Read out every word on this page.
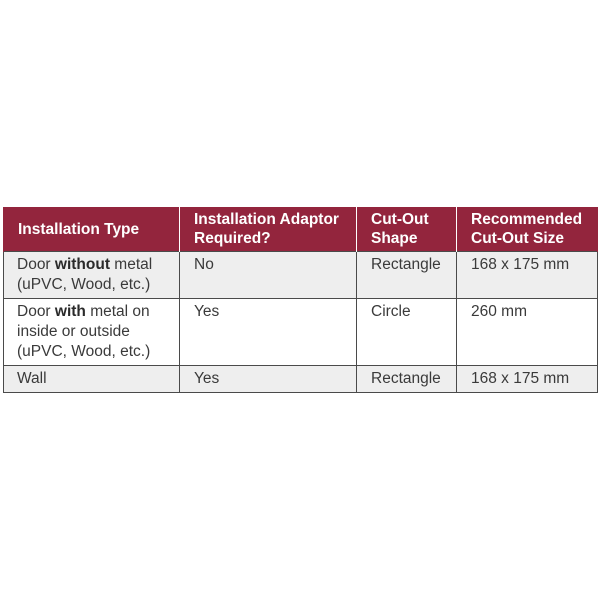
Installation Type	Installation Adaptor Required?	Cut-Out Shape	Recommended Cut-Out Size
Door without metal (uPVC, Wood, etc.)	No	Rectangle	168 x 175 mm
Door with metal on inside or outside (uPVC, Wood, etc.)	Yes	Circle	260 mm
Wall	Yes	Rectangle	168 x 175 mm
